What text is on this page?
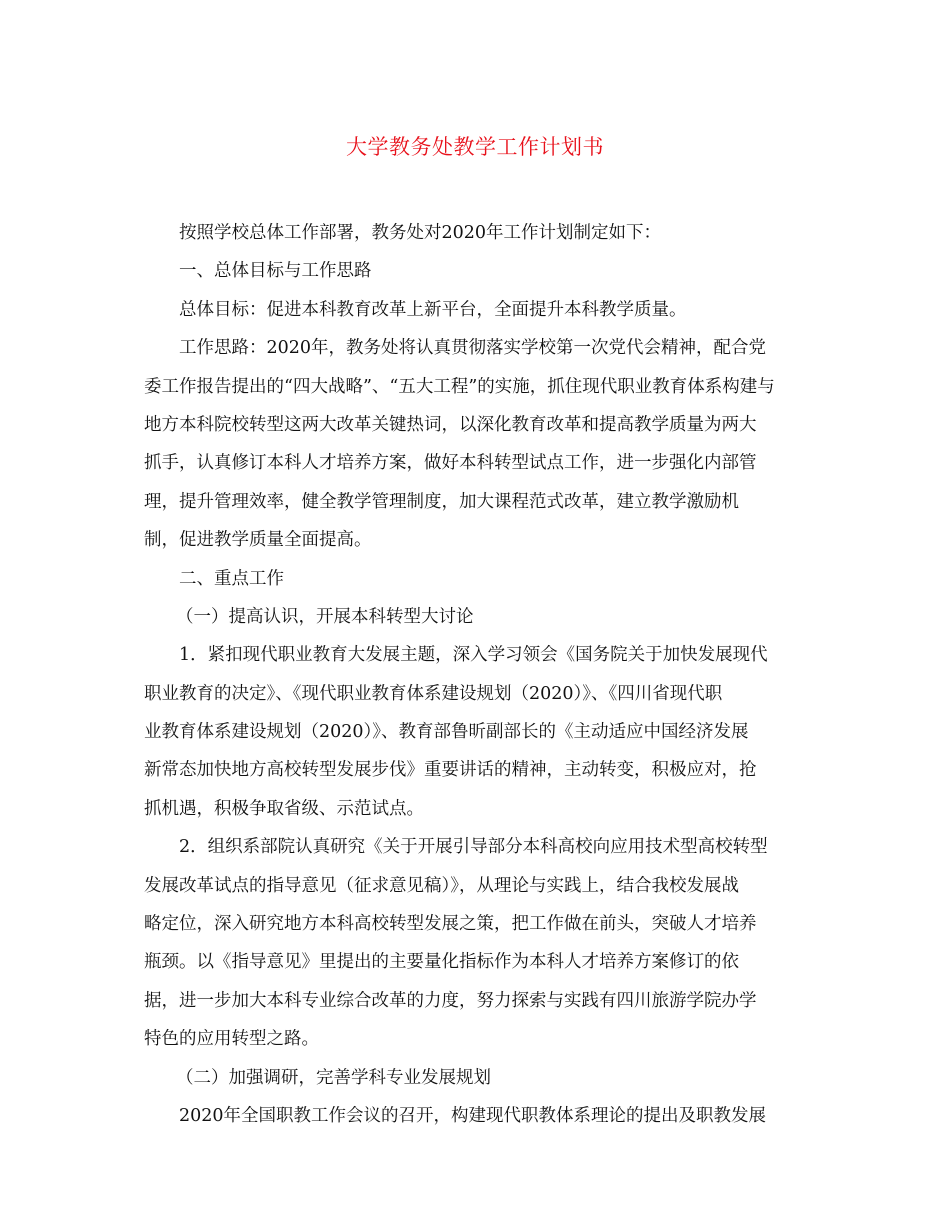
大学教务处教学工作计划书
按照学校总体工作部署，教务处对2020年工作计划制定如下：
一、总体目标与工作思路
总体目标：促进本科教育改革上新平台，全面提升本科教学质量。
工作思路：2020年，教务处将认真贯彻落实学校第一次党代会精神，配合党
委工作报告提出的“四大战略”、“五大工程”的实施，抓住现代职业教育体系构建与
地方本科院校转型这两大改革关键热词，以深化教育改革和提高教学质量为两大
抓手，认真修订本科人才培养方案，做好本科转型试点工作，进一步强化内部管
理，提升管理效率，健全教学管理制度，加大课程范式改革，建立教学激励机
制，促进教学质量全面提高。
二、重点工作
（一）提高认识，开展本科转型大讨论
1．紧扣现代职业教育大发展主题，深入学习领会《国务院关于加快发展现代
职业教育的决定》、《现代职业教育体系建设规划（2020）》、《四川省现代职
业教育体系建设规划（2020）》、教育部鲁昕副部长的《主动适应中国经济发展
新常态加快地方高校转型发展步伐》重要讲话的精神，主动转变，积极应对，抢
抓机遇，积极争取省级、示范试点。
2．组织系部院认真研究《关于开展引导部分本科高校向应用技术型高校转型
发展改革试点的指导意见（征求意见稿）》，从理论与实践上，结合我校发展战
略定位，深入研究地方本科高校转型发展之策，把工作做在前头，突破人才培养
瓶颈。以《指导意见》里提出的主要量化指标作为本科人才培养方案修订的依
据，进一步加大本科专业综合改革的力度，努力探索与实践有四川旅游学院办学
特色的应用转型之路。
（二）加强调研，完善学科专业发展规划
2020年全国职教工作会议的召开，构建现代职教体系理论的提出及职教发展
